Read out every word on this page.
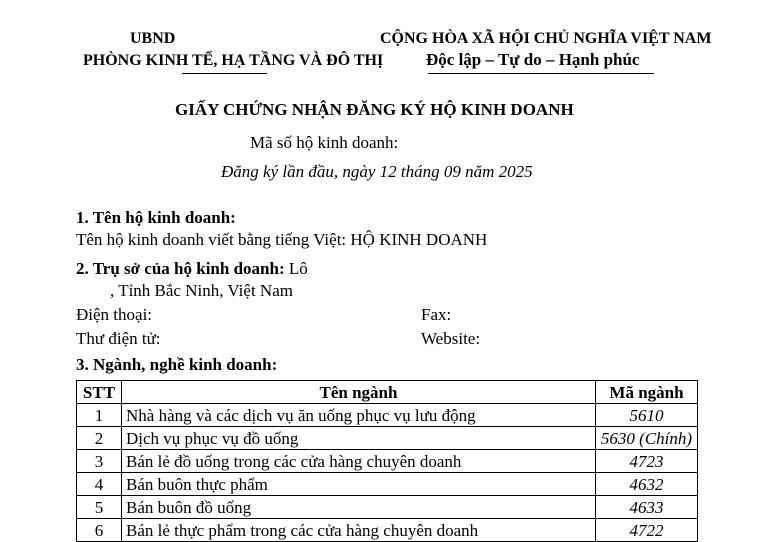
UBND
PHÒNG KINH TẾ, HẠ TẦNG VÀ ĐÔ THỊ
CỘNG HÒA XÃ HỘI CHỦ NGHĨA VIỆT NAM
Độc lập – Tự do – Hạnh phúc
GIẤY CHỨNG NHẬN ĐĂNG KÝ HỘ KINH DOANH
Mã số hộ kinh doanh:
Đăng ký lần đầu, ngày 12 tháng 09 năm 2025
1. Tên hộ kinh doanh:
Tên hộ kinh doanh viết bằng tiếng Việt: HỘ KINH DOANH
2. Trụ sở của hộ kinh doanh: Lô
, Tỉnh Bắc Ninh, Việt Nam
Điện thoại:	Fax:
Thư điện tử:	Website:
3. Ngành, nghề kinh doanh:
STT	Tên ngành	Mã ngành
1	Nhà hàng và các dịch vụ ăn uống phục vụ lưu động	5610
2	Dịch vụ phục vụ đồ uống	5630 (Chính)
3	Bán lẻ đồ uống trong các cửa hàng chuyên doanh	4723
4	Bán buôn thực phẩm	4632
5	Bán buôn đồ uống	4633
6	Bán lẻ thực phẩm trong các cửa hàng chuyên doanh	4722
